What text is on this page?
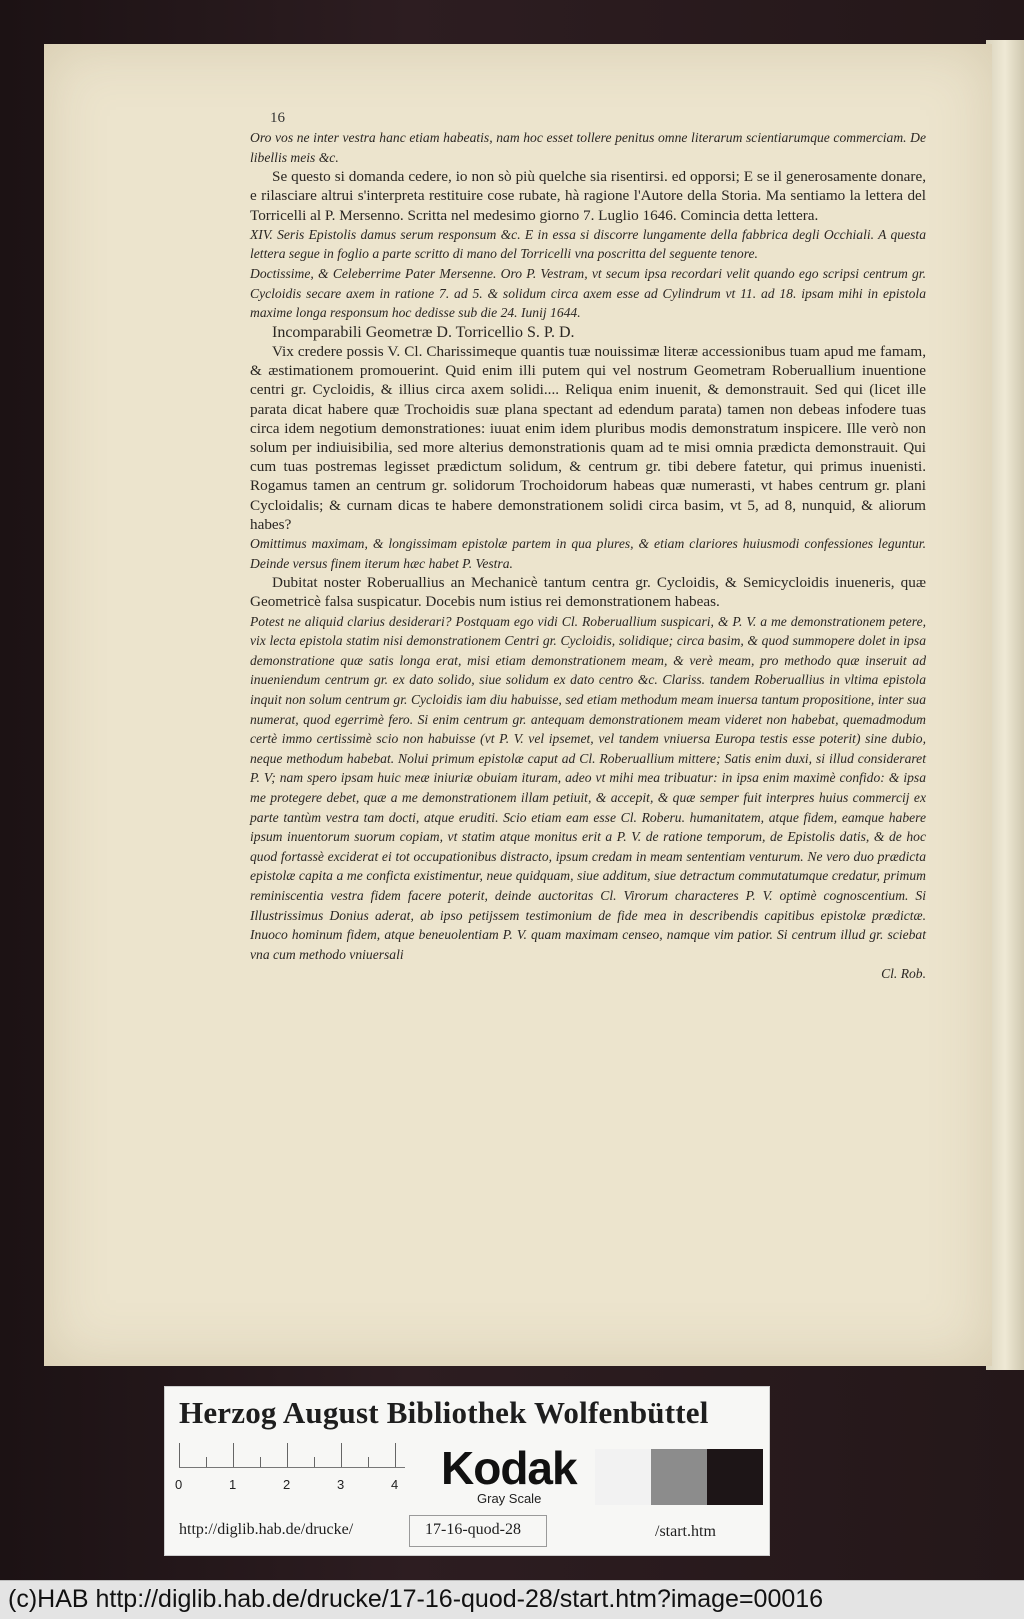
16

Oro vos ne inter vestra hanc etiam habeatis, nam hoc esset tollere penitus omne literarum scientiarumque commerciam. De libellis meis &c.

Se questo si domanda cedere, io non sò più quelche sia risentirsi. ed opporsi; E se il generosamente donare, e rilasciare altrui s'interpreta restituire cose rubate, hà ragione l'Autore della Storia. Ma sentiamo la lettera del Torricelli al P. Mersenno. Scritta nel medesimo giorno 7. Luglio 1646. Comincia detta lettera.

XIV. Seris Epistolis damus serum responsum &c. E in essa si discorre lungamente della fabbrica degli Occhiali. A questa lettera segue in foglio a parte scritto di mano del Torricelli vna poscritta del seguente tenore.

Doctissime, & Celeberrime Pater Mersenne. Oro P. Vestram, vt secum ipsa recordari velit quando ego scripsi centrum gr. Cycloidis secare axem in ratione 7. ad 5. & solidum circa axem esse ad Cylindrum vt 11. ad 18. ipsam mihi in epistola maxime longa responsum hoc dedisse sub die 24. Iunij 1644.

Incomparabili Geometræ D. Torricellio S. P. D.

Vix credere possis V. Cl. Charissimeque quantis tuæ nouissimæ literæ accessionibus tuam apud me famam, & æstimationem promouerint. Quid enim illi putem qui vel nostrum Geometram Roberuallium inuentione centri gr. Cycloidis, & illius circa axem solidi.... Reliqua enim inuenit, & demonstrauit. Sed qui (licet ille parata dicat habere quæ Trochoidis suæ plana spectant ad edendum parata) tamen non debeas infodere tuas circa idem negotium demonstrationes: iuuat enim idem pluribus modis demonstratum inspicere. Ille verò non solum per indiuisibilia, sed more alterius demonstrationis quam ad te misi omnia prædicta demonstrauit. Qui cum tuas postremas legisset prædictum solidum, & centrum gr. tibi debere fatetur, qui primus inuenisti. Rogamus tamen an centrum gr. solidorum Trochoidorum habeas quæ numerasti, vt habes centrum gr. plani Cycloidalis; & curnam dicas te habere demonstrationem solidi circa basim, vt 5, ad 8, nunquid, & aliorum habes?

Omittimus maximam, & longissimam epistolæ partem in qua plures, & etiam clariores huiusmodi confessiones leguntur. Deinde versus finem iterum hæc habet P. Vestra.

Dubitat noster Roberuallius an Mechanicè tantum centra gr. Cycloidis, & Semicycloidis inueneris, quæ Geometricè falsa suspicatur. Docebis num istius rei demonstrationem habeas.

Potest ne aliquid clarius desiderari? Postquam ego vidi Cl. Roberuallium suspicari, & P. V. a me demonstrationem petere, vix lecta epistola statim nisi demonstrationem Centri gr. Cycloidis, solidique; circa basim, & quod summopere dolet in ipsa demonstratione quæ satis longa erat, misi etiam demonstrationem meam, & verè meam, pro methodo quæ inseruit ad inueniendum centrum gr. ex dato solido, siue solidum ex dato centro &c. Clariss. tandem Roberuallius in vltima epistola inquit non solum centrum gr. Cycloidis iam diu habuisse, sed etiam methodum meam inuersa tantum propositione, inter sua numerat, quod egerrimè fero. Si enim centrum gr. antequam demonstrationem meam videret non habebat, quemadmodum certè immo certissimè scio non habuisse (vt P. V. vel ipsemet, vel tandem vniuersa Europa testis esse poterit) sine dubio, neque methodum habebat. Nolui primum epistolæ caput ad Cl. Roberuallium mittere; Satis enim duxi, si illud consideraret P. V; nam spero ipsam huic meæ iniuriæ obuiam ituram, adeo vt mihi mea tribuatur: in ipsa enim maximè confido: & ipsa me protegere debet, quæ a me demonstrationem illam petiuit, & accepit, & quæ semper fuit interpres huius commercij ex parte tantùm vestra tam docti, atque eruditi. Scio etiam eam esse Cl. Roberu. humanitatem, atque fidem, eamque habere ipsum inuentorum suorum copiam, vt statim atque monitus erit a P. V. de ratione temporum, de Epistolis datis, & de hoc quod fortassè exciderat ei tot occupationibus distracto, ipsum credam in meam sententiam venturum. Ne vero duo prædicta epistolæ capita a me conficta existimentur, neue quidquam, siue additum, siue detractum commutatumque credatur, primum reminiscentia vestra fidem facere poterit, deinde auctoritas Cl. Virorum characteres P. V. optimè cognoscentium. Si Illustrissimus Donius aderat, ab ipso petijssem testimonium de fide mea in describendis capitibus epistolæ prædictæ. Inuoco hominum fidem, atque beneuolentiam P. V. quam maximam censeo, namque vim patior. Si centrum illud gr. sciebat vna cum methodo vniuersali

Cl. Rob.

Herzog August Bibliothek Wolfenbüttel
0	1	2	3	4 Kodak
Gray Scale
http://diglib.hab.de/drucke/	17-16-quod-28	/start.htm
(c)HAB http://diglib.hab.de/drucke/17-16-quod-28/start.htm?image=00016
